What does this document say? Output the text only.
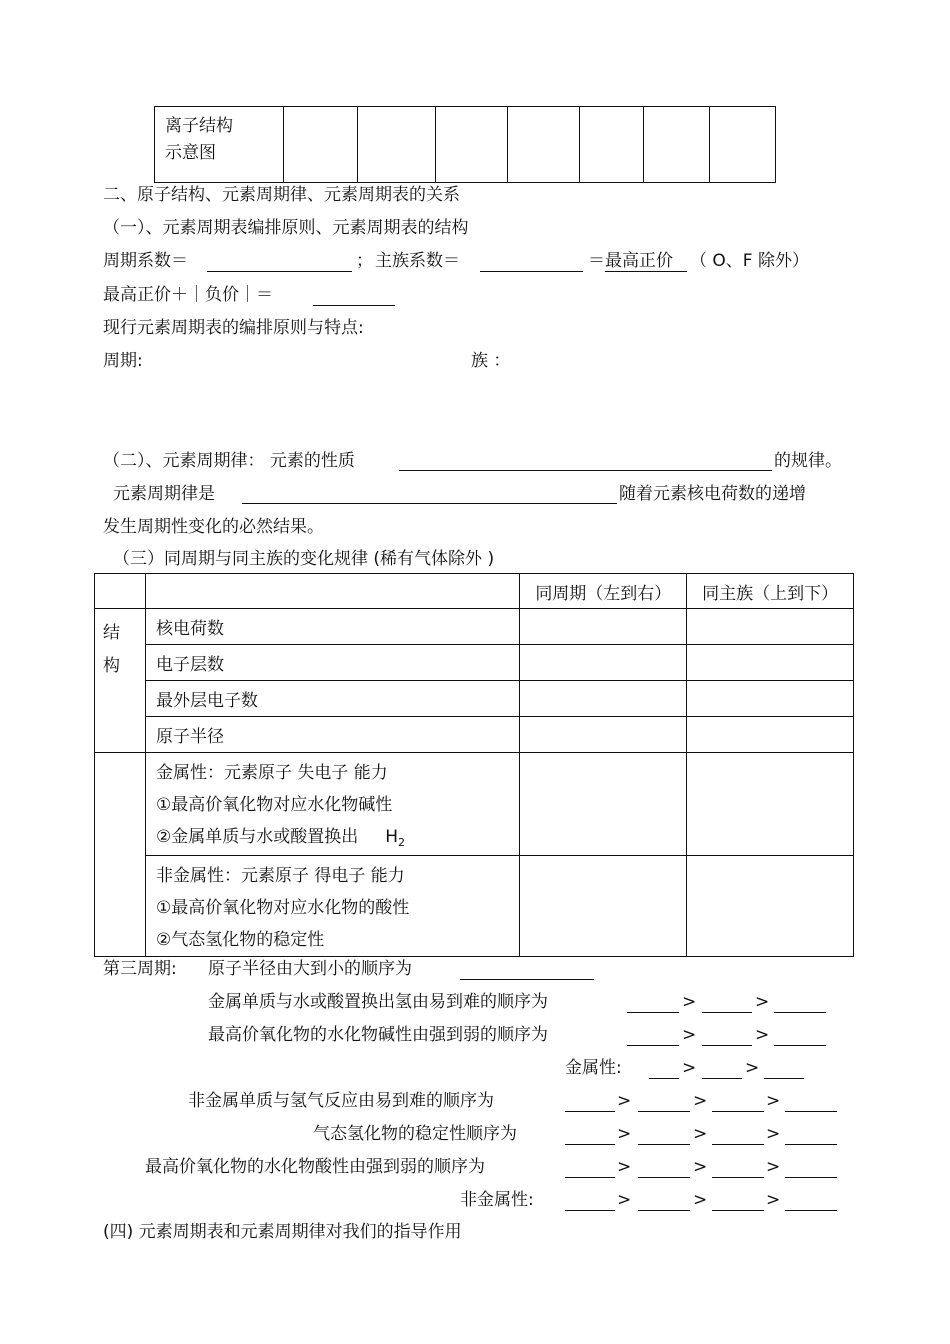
离子结构
示意图

二、原子结构、元素周期律、元素周期表的关系
（一）、元素周期表编排原则、元素周期表的结构
周期系数＝	； 主族系数＝	＝最高正价 （ O、F 除外）
最高正价＋｜负价｜＝
现行元素周期表的编排原则与特点:
周期:	族 ：
（二）、元素周期律： 元素的性质	的规律。
元素周期律是	随着元素核电荷数的递增
发生周期性变化的必然结果。
（三）同周期与同主族的变化规律 (稀有气体除外 )
		同周期（左到右）	同主族（上到下）

结
构	核电荷数		
	电子层数		
	最外层电子数		
	原子半径		

	金属性：元素原子 失电子 能力
①最高价氧化物对应水化物碱性
②金属单质与水或酸置换出 $H_2$

	非金属性：元素原子 得电子 能力
①最高价氧化物对应水化物的酸性
②气态氢化物的稳定性		

第三周期: 原子半径由大到小的顺序为
金属单质与水或酸置换出氢由易到难的顺序为	>	>
最高价氧化物的水化物碱性由强到弱的顺序为	>	>
金属性:	>	>
非金属单质与氢气反应由易到难的顺序为	>	>	>
气态氢化物的稳定性顺序为	>	>	>
最高价氧化物的水化物酸性由强到弱的顺序为	>	>	>
非金属性:	>	>	>
(四) 元素周期表和元素周期律对我们的指导作用
